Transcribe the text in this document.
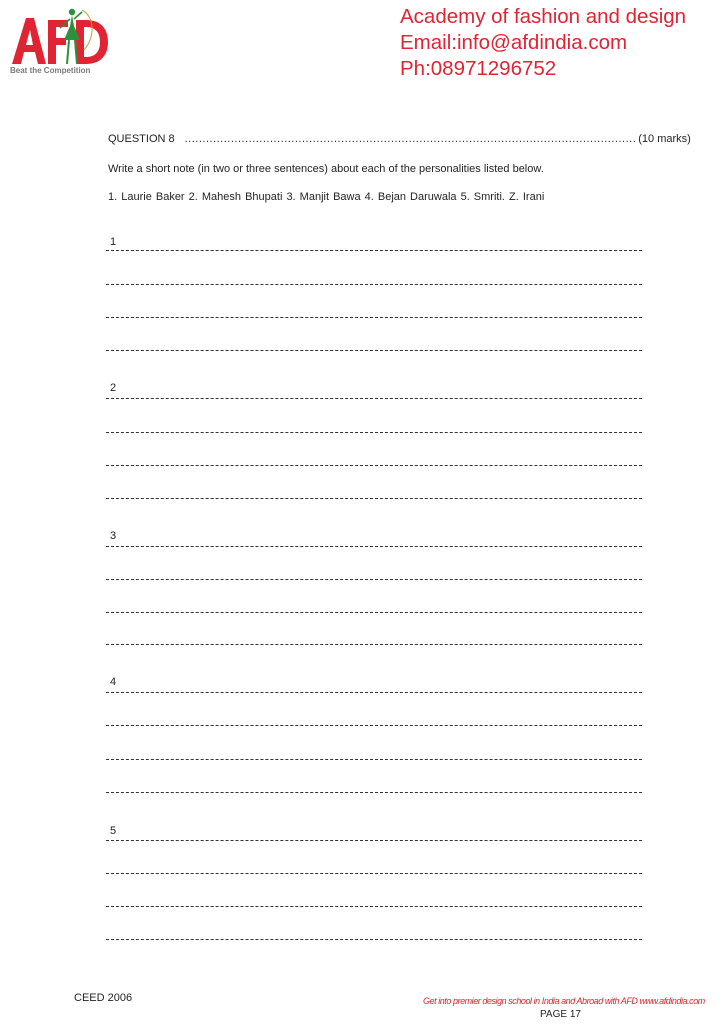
Beat the Competition
Academy of fashion and design
Email:info@afdindia.com
Ph:08971296752
QUESTION 8 ............................................................................................................................... (10 marks)
Write a short note (in two or three sentences) about each of the personalities listed below.
1. Laurie Baker 2. Mahesh Bhupati 3. Manjit Bawa 4. Bejan Daruwala 5. Smriti. Z. Irani
1
2
3
4
5
CEED 2006	Get into premier design school in India and Abroad with AFD www.afdindia.com
PAGE 17
